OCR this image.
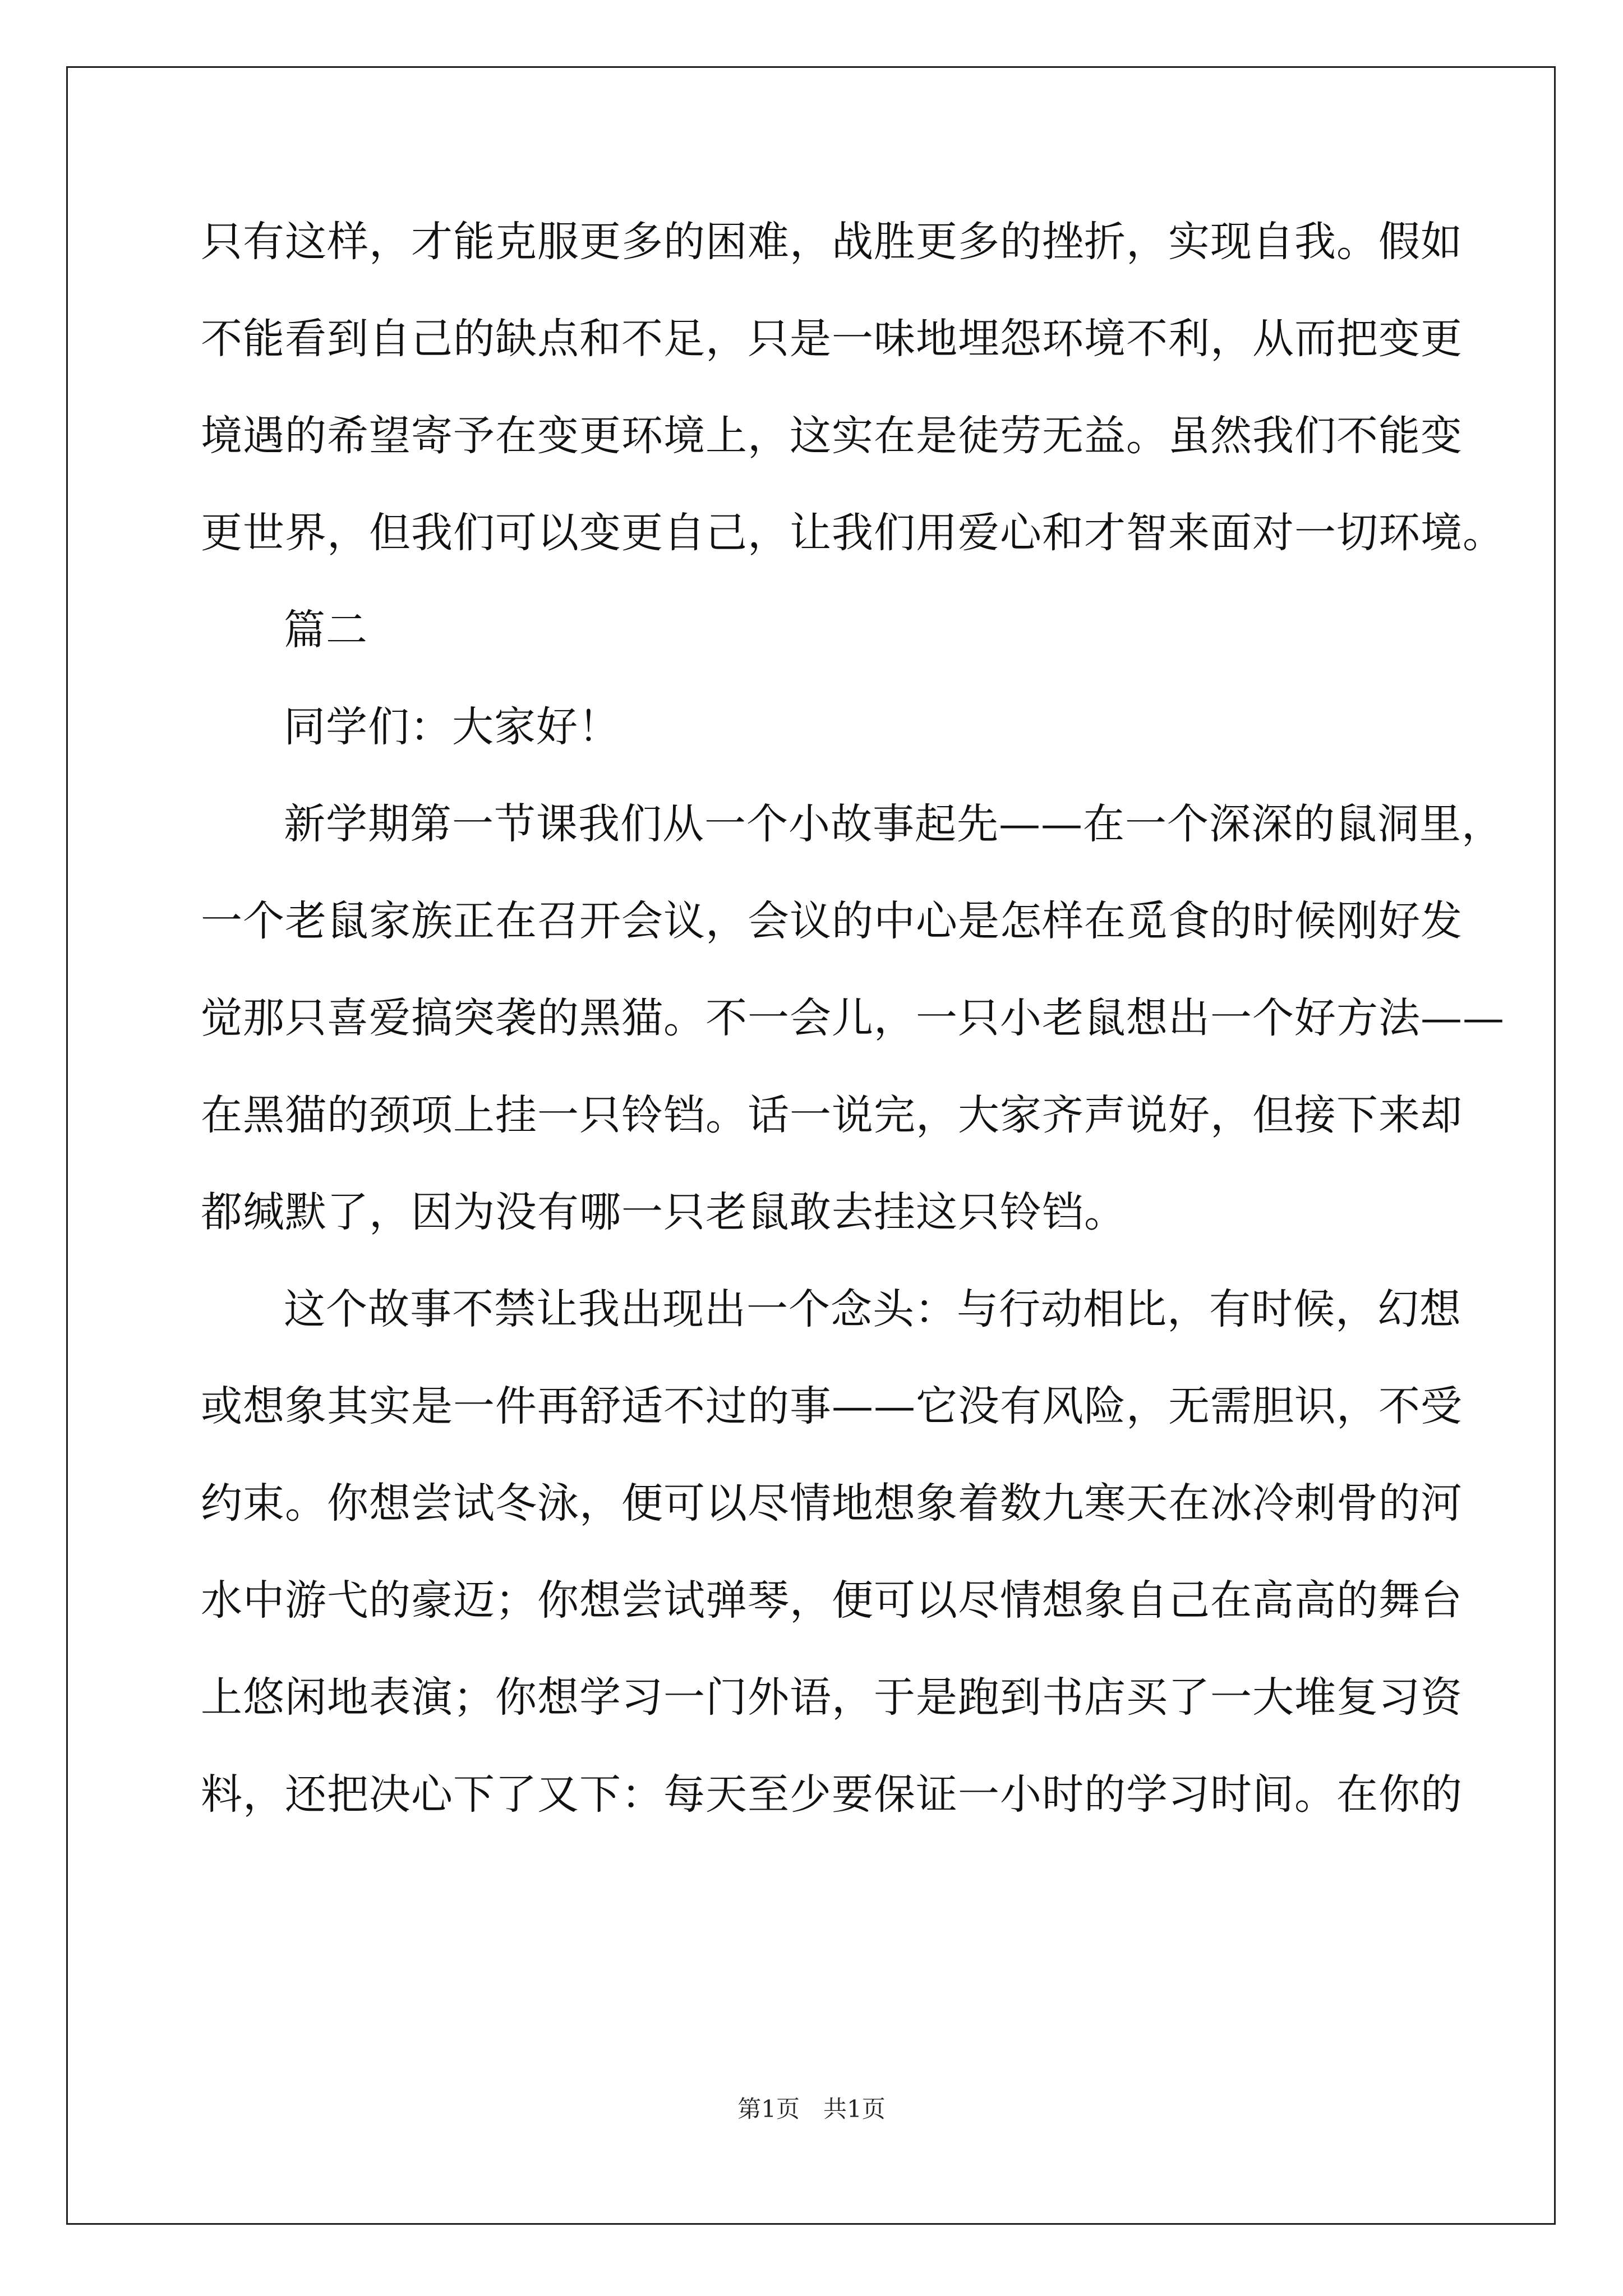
只有这样，才能克服更多的困难，战胜更多的挫折，实现自我。假如
不能看到自己的缺点和不足，只是一味地埋怨环境不利，从而把变更
境遇的希望寄予在变更环境上，这实在是徒劳无益。虽然我们不能变
更世界，但我们可以变更自己，让我们用爱心和才智来面对一切环境。
篇二
同学们：大家好！
新学期第一节课我们从一个小故事起先——在一个深深的鼠洞里，
一个老鼠家族正在召开会议，会议的中心是怎样在觅食的时候刚好发
觉那只喜爱搞突袭的黑猫。不一会儿，一只小老鼠想出一个好方法——
在黑猫的颈项上挂一只铃铛。话一说完，大家齐声说好，但接下来却
都缄默了，因为没有哪一只老鼠敢去挂这只铃铛。
这个故事不禁让我出现出一个念头：与行动相比，有时候，幻想
或想象其实是一件再舒适不过的事——它没有风险，无需胆识，不受
约束。你想尝试冬泳，便可以尽情地想象着数九寒天在冰冷刺骨的河
水中游弋的豪迈；你想尝试弹琴，便可以尽情想象自己在高高的舞台
上悠闲地表演；你想学习一门外语，于是跑到书店买了一大堆复习资
料，还把决心下了又下：每天至少要保证一小时的学习时间。在你的
第1页　共1页
